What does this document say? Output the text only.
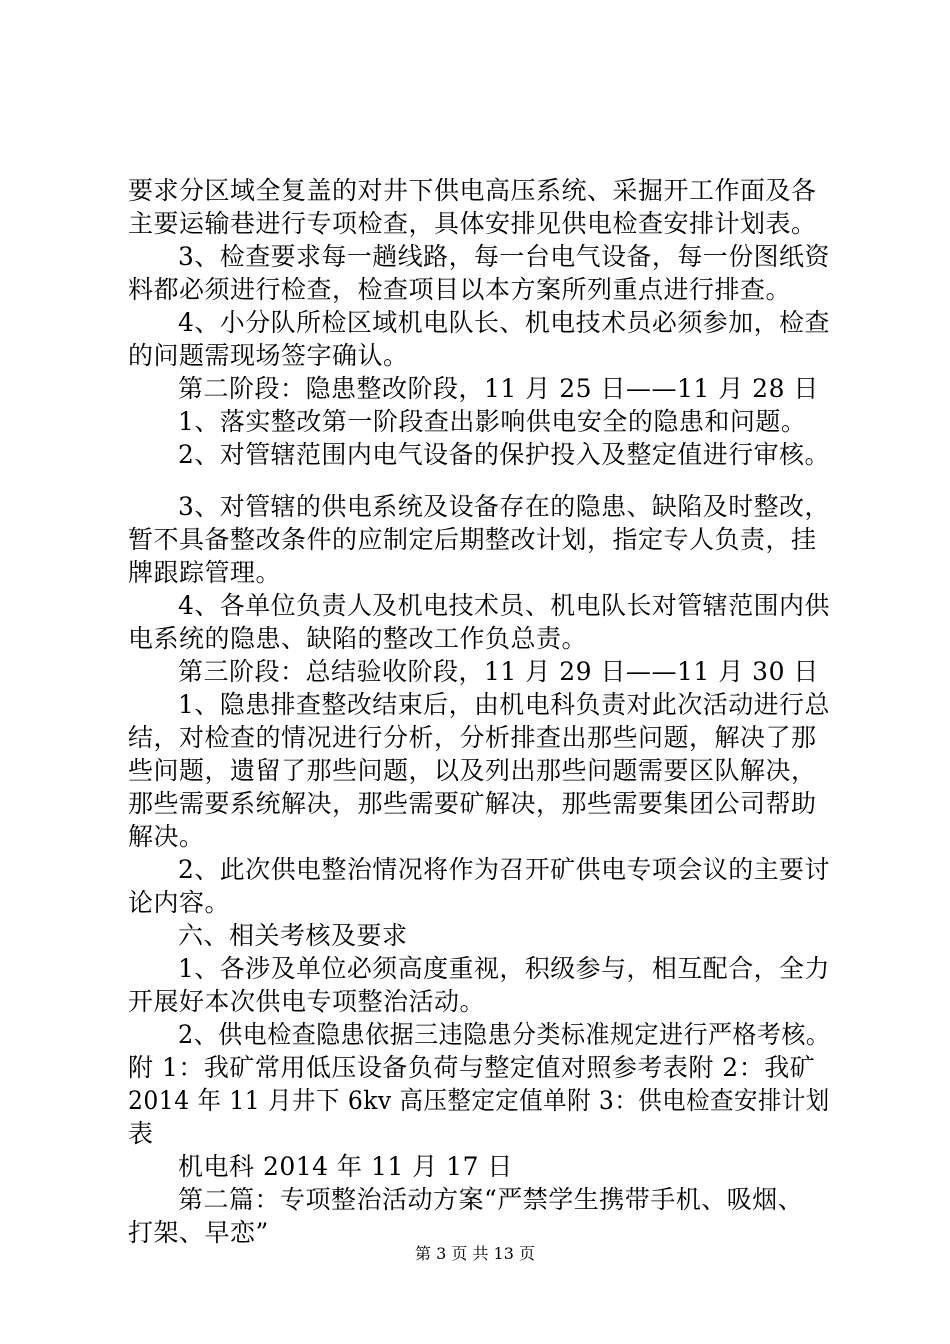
要求分区域全复盖的对井下供电高压系统、采掘开工作面及各
主要运输巷进行专项检查，具体安排见供电检查安排计划表。
3、检查要求每一趟线路，每一台电气设备，每一份图纸资
料都必须进行检查，检查项目以本方案所列重点进行排查。
4、小分队所检区域机电队长、机电技术员必须参加，检查
的问题需现场签字确认。
第二阶段：隐患整改阶段，11 月 25 日——11 月 28 日
1、落实整改第一阶段查出影响供电安全的隐患和问题。
2、对管辖范围内电气设备的保护投入及整定值进行审核。
3、对管辖的供电系统及设备存在的隐患、缺陷及时整改，
暂不具备整改条件的应制定后期整改计划，指定专人负责，挂
牌跟踪管理。
4、各单位负责人及机电技术员、机电队长对管辖范围内供
电系统的隐患、缺陷的整改工作负总责。
第三阶段：总结验收阶段，11 月 29 日——11 月 30 日
1、隐患排查整改结束后，由机电科负责对此次活动进行总
结，对检查的情况进行分析，分析排查出那些问题，解决了那
些问题，遗留了那些问题，以及列出那些问题需要区队解决，
那些需要系统解决，那些需要矿解决，那些需要集团公司帮助
解决。
2、此次供电整治情况将作为召开矿供电专项会议的主要讨
论内容。
六、相关考核及要求
1、各涉及单位必须高度重视，积级参与，相互配合，全力
开展好本次供电专项整治活动。
2、供电检查隐患依据三违隐患分类标准规定进行严格考核。
附 1：我矿常用低压设备负荷与整定值对照参考表附 2：我矿
2014 年 11 月井下 6kv 高压整定定值单附 3：供电检查安排计划
表
机电科 2014 年 11 月 17 日
第二篇：专项整治活动方案“严禁学生携带手机、吸烟、
打架、早恋”
第 3 页 共 13 页
